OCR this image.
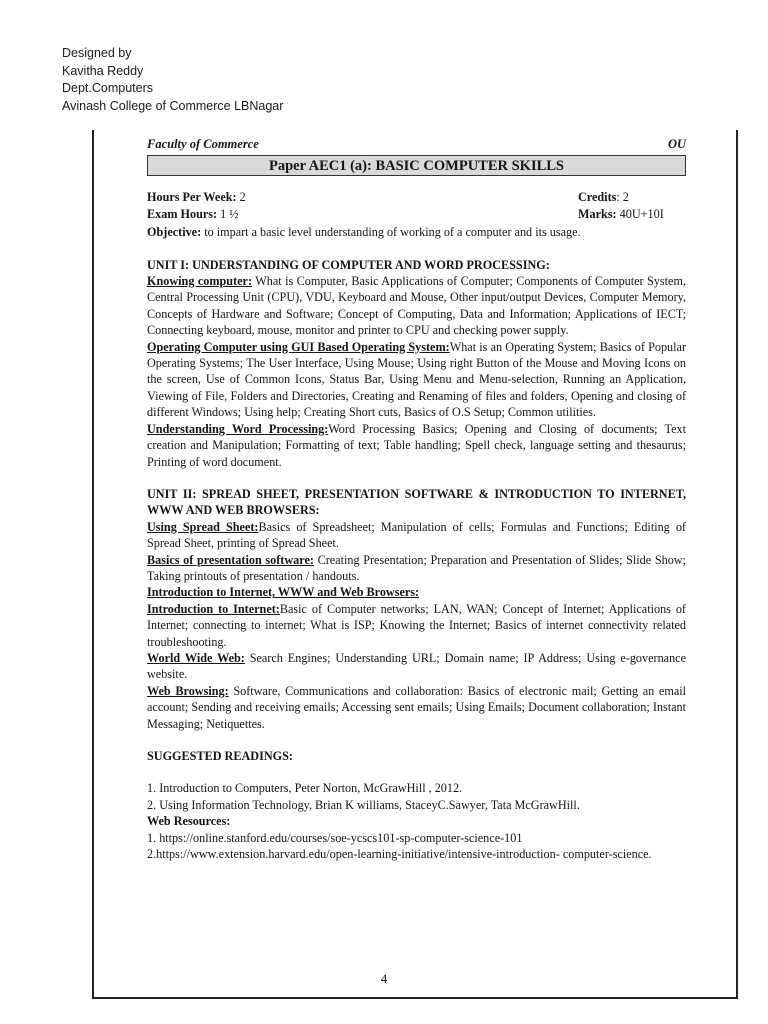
Designed by
Kavitha Reddy
Dept.Computers
Avinash College of Commerce LBNagar
Faculty of Commerce	OU
Paper AEC1 (a): BASIC COMPUTER SKILLS
Hours Per Week: 2	Credits: 2
Exam Hours: 1 ½	Marks: 40U+10I

Objective: to impart a basic level understanding of working of a computer and its usage.

UNIT I: UNDERSTANDING OF COMPUTER AND WORD PROCESSING:

Knowing computer: What is Computer, Basic Applications of Computer; Components of Computer System, Central Processing Unit (CPU), VDU, Keyboard and Mouse, Other input/output Devices, Computer Memory, Concepts of Hardware and Software; Concept of Computing, Data and Information; Applications of IECT; Connecting keyboard, mouse, monitor and printer to CPU and checking power supply.

Operating Computer using GUI Based Operating System:What is an Operating System; Basics of Popular Operating Systems; The User Interface, Using Mouse; Using right Button of the Mouse and Moving Icons on the screen, Use of Common Icons, Status Bar, Using Menu and Menu-selection, Running an Application, Viewing of File, Folders and Directories, Creating and Renaming of files and folders, Opening and closing of different Windows; Using help; Creating Short cuts, Basics of O.S Setup; Common utilities.

Understanding Word Processing:Word Processing Basics; Opening and Closing of documents; Text creation and Manipulation; Formatting of text; Table handling; Spell check, language setting and thesaurus; Printing of word document.

UNIT II: SPREAD SHEET, PRESENTATION SOFTWARE & INTRODUCTION TO INTERNET, WWW AND WEB BROWSERS:

Using Spread Sheet:Basics of Spreadsheet; Manipulation of cells; Formulas and Functions; Editing of Spread Sheet, printing of Spread Sheet.

Basics of presentation software: Creating Presentation; Preparation and Presentation of Slides; Slide Show; Taking printouts of presentation / handouts.

Introduction to Internet, WWW and Web Browsers:

Introduction to Internet:Basic of Computer networks; LAN, WAN; Concept of Internet; Applications of Internet; connecting to internet; What is ISP; Knowing the Internet; Basics of internet connectivity related troubleshooting.

World Wide Web: Search Engines; Understanding URL; Domain name; IP Address; Using e-governance website.

Web Browsing: Software, Communications and collaboration: Basics of electronic mail; Getting an email account; Sending and receiving emails; Accessing sent emails; Using Emails; Document collaboration; Instant Messaging; Netiquettes.

SUGGESTED READINGS:
1. Introduction to Computers, Peter Norton, McGrawHill , 2012.
2. Using Information Technology, Brian K williams, StaceyC.Sawyer, Tata McGrawHill.
Web Resources:
1. https://online.stanford.edu/courses/soe-ycscs101-sp-computer-science-101

2.https://www.extension.harvard.edu/open-learning-initiative/intensive-introduction- computer-science.

4
